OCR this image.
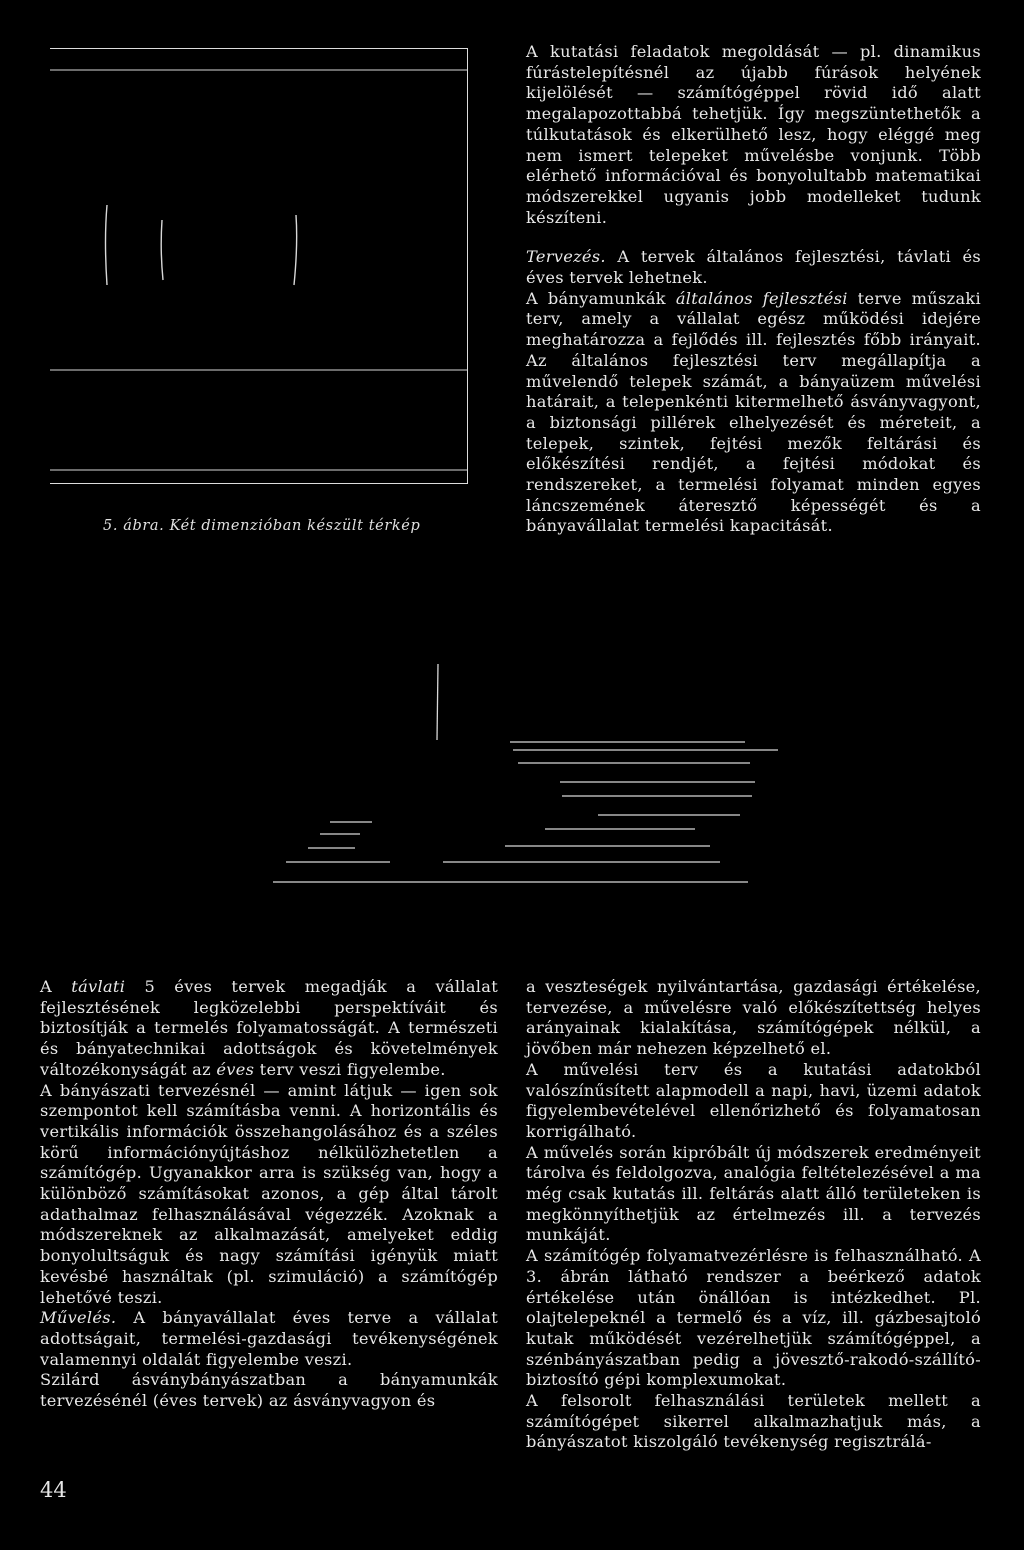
5. ábra. Két dimenzióban készült térkép

A kutatási feladatok megoldását — pl. dinamikus fúrástelepítésnél az újabb fúrások helyének kijelölését — számítógéppel rövid idő alatt megalapozottabbá tehetjük. Így megszüntethetők a túlkutatások és elkerülhető lesz, hogy eléggé meg nem ismert telepeket művelésbe vonjunk. Több elérhető információval és bonyolultabb matematikai módszerekkel ugyanis jobb modelleket tudunk készíteni.

Tervezés. A tervek általános fejlesztési, távlati és éves tervek lehetnek.

A bányamunkák általános fejlesztési terve műszaki terv, amely a vállalat egész működési idejére meghatározza a fejlődés ill. fejlesztés főbb irányait. Az általános fejlesztési terv megállapítja a művelendő telepek számát, a bányaüzem művelési határait, a telepenkénti kitermelhető ásványvagyont, a biztonsági pillérek elhelyezését és méreteit, a telepek, szintek, fejtési mezők feltárási és előkészítési rendjét, a fejtési módokat és rendszereket, a termelési folyamat minden egyes láncszemének áteresztő képességét és a bányavállalat termelési kapacitását.

A távlati 5 éves tervek megadják a vállalat fejlesztésének legközelebbi perspektíváit és biztosítják a termelés folyamatosságát. A természeti és bányatechnikai adottságok és követelmények változékonyságát az éves terv veszi figyelembe.

A bányászati tervezésnél — amint látjuk — igen sok szempontot kell számításba venni. A horizontális és vertikális információk összehangolásához és a széles körű információnyújtáshoz nélkülözhetetlen a számítógép. Ugyanakkor arra is szükség van, hogy a különböző számításokat azonos, a gép által tárolt adathalmaz felhasználásával végezzék. Azoknak a módszereknek az alkalmazását, amelyeket eddig bonyolultságuk és nagy számítási igényük miatt kevésbé használtak (pl. szimuláció) a számítógép lehetővé teszi.

Művelés. A bányavállalat éves terve a vállalat adottságait, termelési-gazdasági tevékenységének valamennyi oldalát figyelembe veszi.

Szilárd ásványbányászatban a bányamunkák tervezésénél (éves tervek) az ásványvagyon és

a veszteségek nyilvántartása, gazdasági értékelése, tervezése, a művelésre való előkészítettség helyes arányainak kialakítása, számítógépek nélkül, a jövőben már nehezen képzelhető el.

A művelési terv és a kutatási adatokból valószínűsített alapmodell a napi, havi, üzemi adatok figyelembevételével ellenőrizhető és folyamatosan korrigálható.

A művelés során kipróbált új módszerek eredményeit tárolva és feldolgozva, analógia feltételezésével a ma még csak kutatás ill. feltárás alatt álló területeken is megkönnyíthetjük az értelmezés ill. a tervezés munkáját.

A számítógép folyamatvezérlésre is felhasználható. A 3. ábrán látható rendszer a beérkező adatok értékelése után önállóan is intézkedhet. Pl. olajtelepeknél a termelő és a víz, ill. gázbesajtoló kutak működését vezérelhetjük számítógéppel, a szénbányászatban pedig a jövesztő-rakodó-szállító-biztosító gépi komplexumokat.

A felsorolt felhasználási területek mellett a számítógépet sikerrel alkalmazhatjuk más, a bányászatot kiszolgáló tevékenység regisztrálá-

44
